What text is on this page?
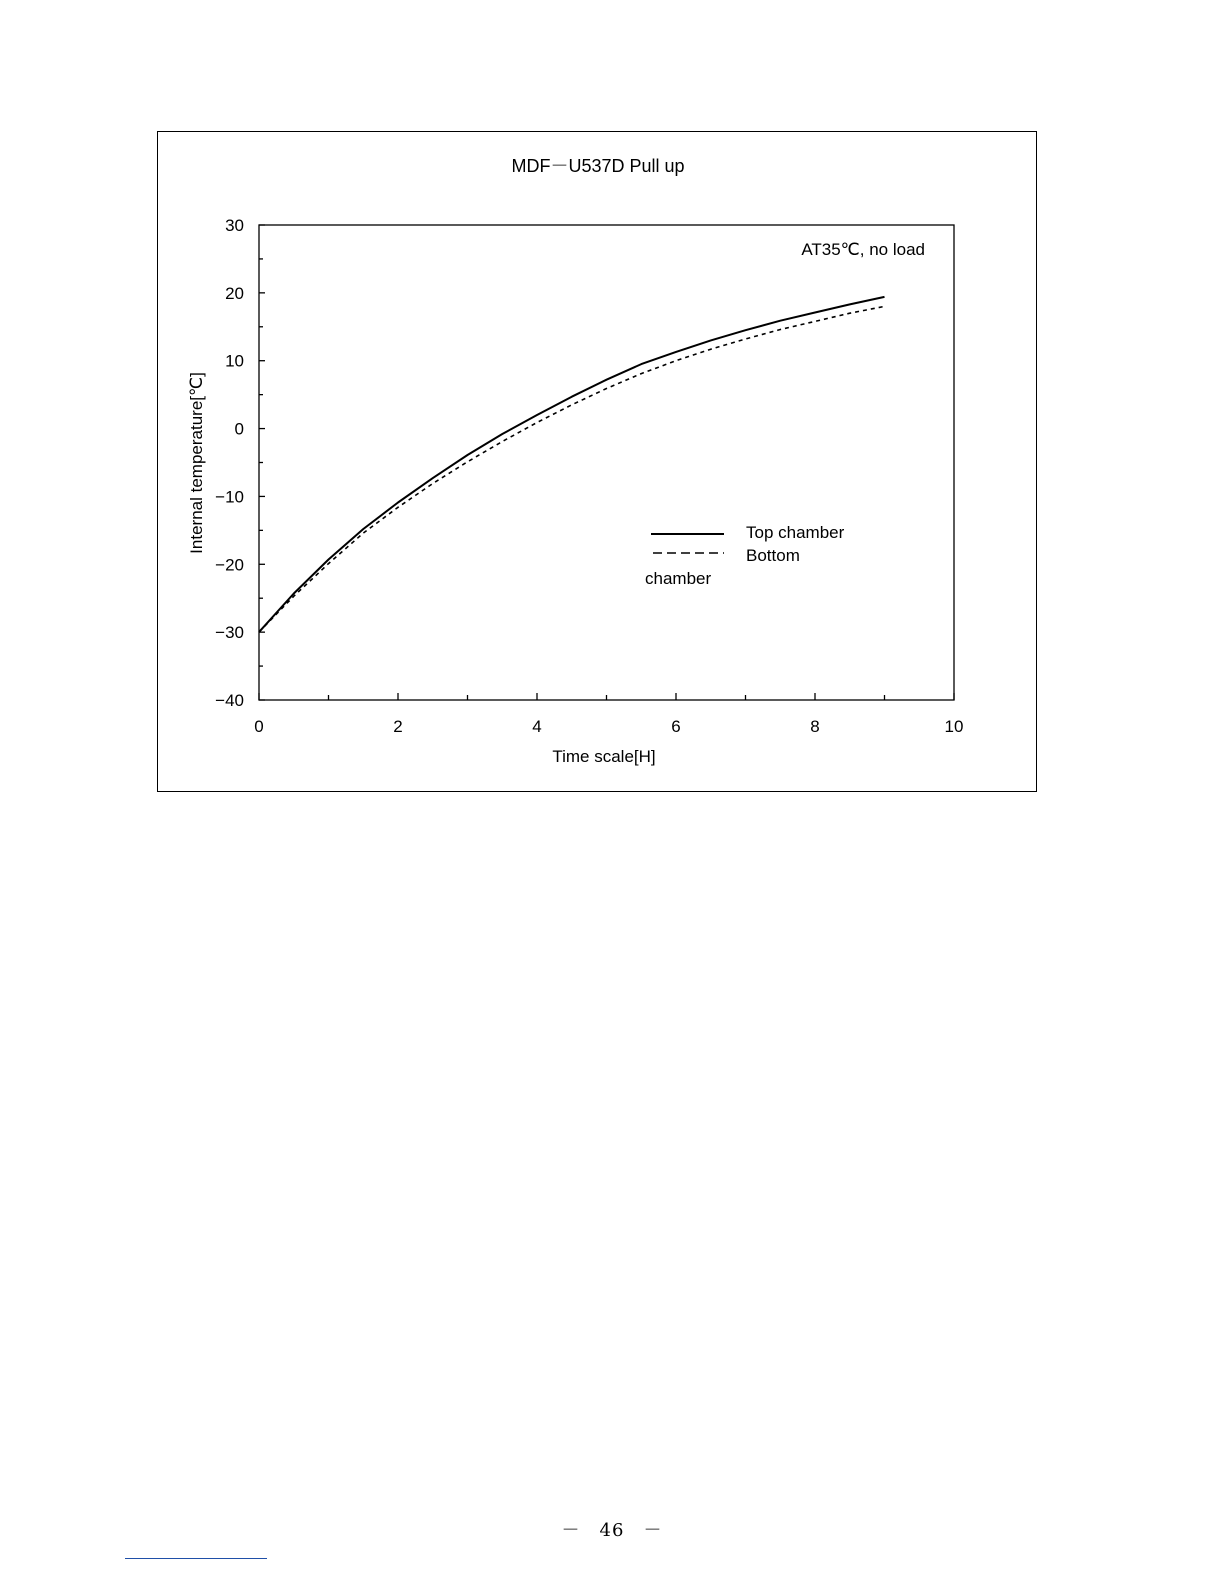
MDF－U537D Pull up
AT35℃, no load
Time scale[H]
Internal temperature[℃]
0	2	4	6	8	10
30
20
10
0
−10
−20
−30
−40
Top chamber
Bottom
chamber
－　46　－
